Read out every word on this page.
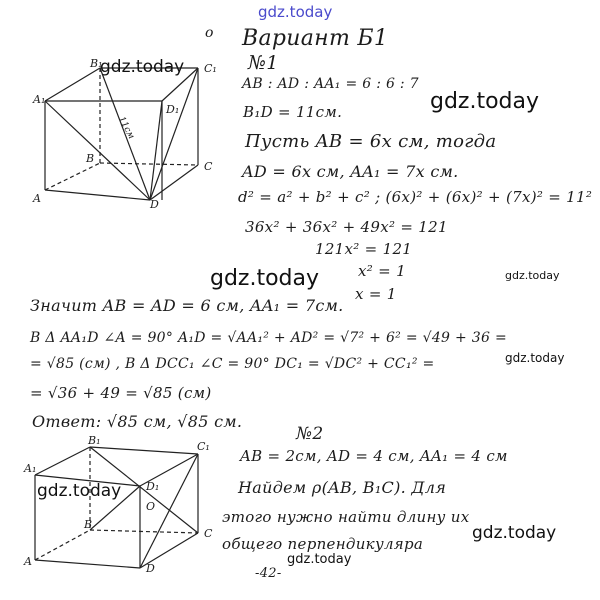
B₁	C₁
A₁
D₁
B
C
A	D
11см
B₁	C₁
A₁
D₁
O
B
C
A
D
o Вариант Б1
№1
AB : AD : AA₁ = 6 : 6 : 7
B₁D = 11см.
Пусть AB = 6x см, тогда
AD = 6x см, AA₁ = 7x см.
d² = a² + b² + c² ; (6x)² + (6x)² + (7x)² = 11²
36x² + 36x² + 49x² = 121
121x² = 121
x² = 1
x = 1
Значит AB = AD = 6 см, AA₁ = 7см.
В Δ AA₁D ∠A = 90° A₁D = √AA₁² + AD² = √7² + 6² = √49 + 36 =
= √85 (см) , В Δ DCC₁ ∠C = 90° DC₁ = √DC² + CC₁² =
= √36 + 49 = √85 (см)
Ответ: √85 см, √85 см.
№2
AB = 2см, AD = 4 см, AA₁ = 4 см
Найдем ρ(AB, B₁C). Для
этого нужно найти длину их
общего перпендикуляра
-42-
gdz.today
gdz.today
gdz.today
gdz.today	gdz.today
gdz.today
gdz.today
gdz.today
gdz.today
